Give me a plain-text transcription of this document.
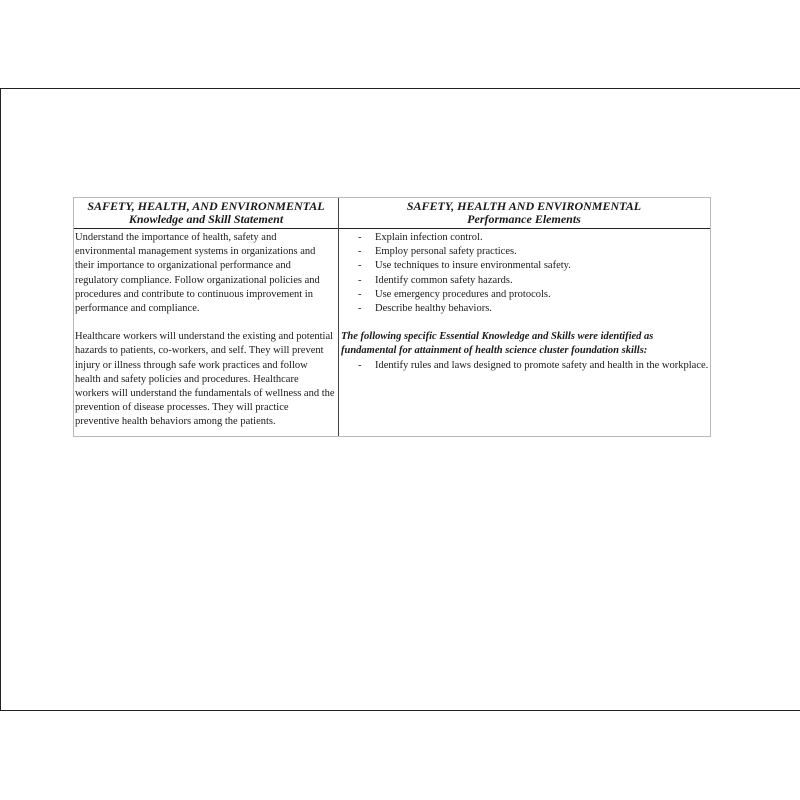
SAFETY, HEALTH, AND ENVIRONMENTAL
Knowledge and Skill Statement
SAFETY, HEALTH AND ENVIRONMENTAL
Performance Elements

Understand the importance of health, safety and environmental management systems in organizations and their importance to organizational performance and regulatory compliance. Follow organizational policies and procedures and contribute to continuous improvement in performance and compliance.

Healthcare workers will understand the existing and potential hazards to patients, co-workers, and self. They will prevent injury or illness through safe work practices and follow health and safety policies and procedures. Healthcare workers will understand the fundamentals of wellness and the prevention of disease processes. They will practice preventive health behaviors among the patients.

- Explain infection control.
- Employ personal safety practices.
- Use techniques to insure environmental safety.
- Identify common safety hazards.
- Use emergency procedures and protocols.
- Describe healthy behaviors.
The following specific Essential Knowledge and Skills were identified as fundamental for attainment of health science cluster foundation skills:
- Identify rules and laws designed to promote safety and health in the workplace.
